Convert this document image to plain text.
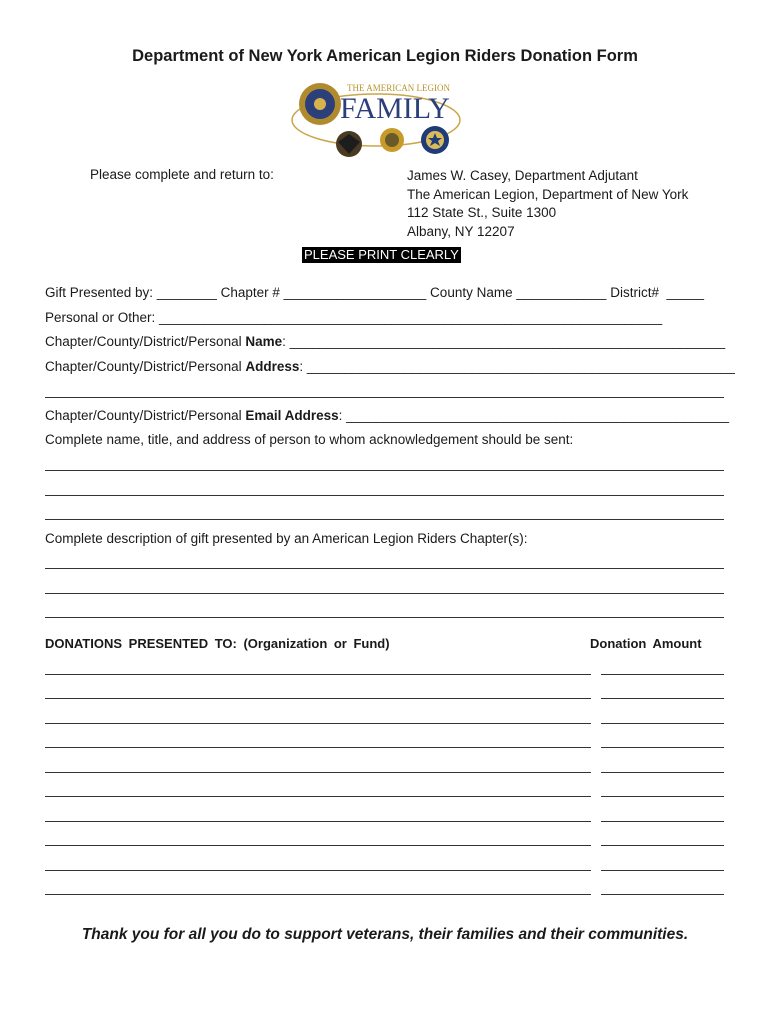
Department of New York American Legion Riders Donation Form
THE AMERICAN LEGION
FAMILY
Please complete and return to:	James W. Casey, Department Adjutant
The American Legion, Department of New York
112 State St., Suite 1300
Albany, NY 12207
PLEASE PRINT CLEARLY
Gift Presented by: ________ Chapter # ___________________ County Name ____________ District#  _____
Personal or Other: ___________________________________________________________________
Chapter/County/District/Personal Name: __________________________________________________________
Chapter/County/District/Personal Address: _________________________________________________________
Chapter/County/District/Personal Email Address: ___________________________________________________
Complete name, title, and address of person to whom acknowledgement should be sent:
Complete description of gift presented by an American Legion Riders Chapter(s):
DONATIONS PRESENTED TO: (Organization or Fund)	Donation Amount
Thank you for all you do to support veterans, their families and their communities.
